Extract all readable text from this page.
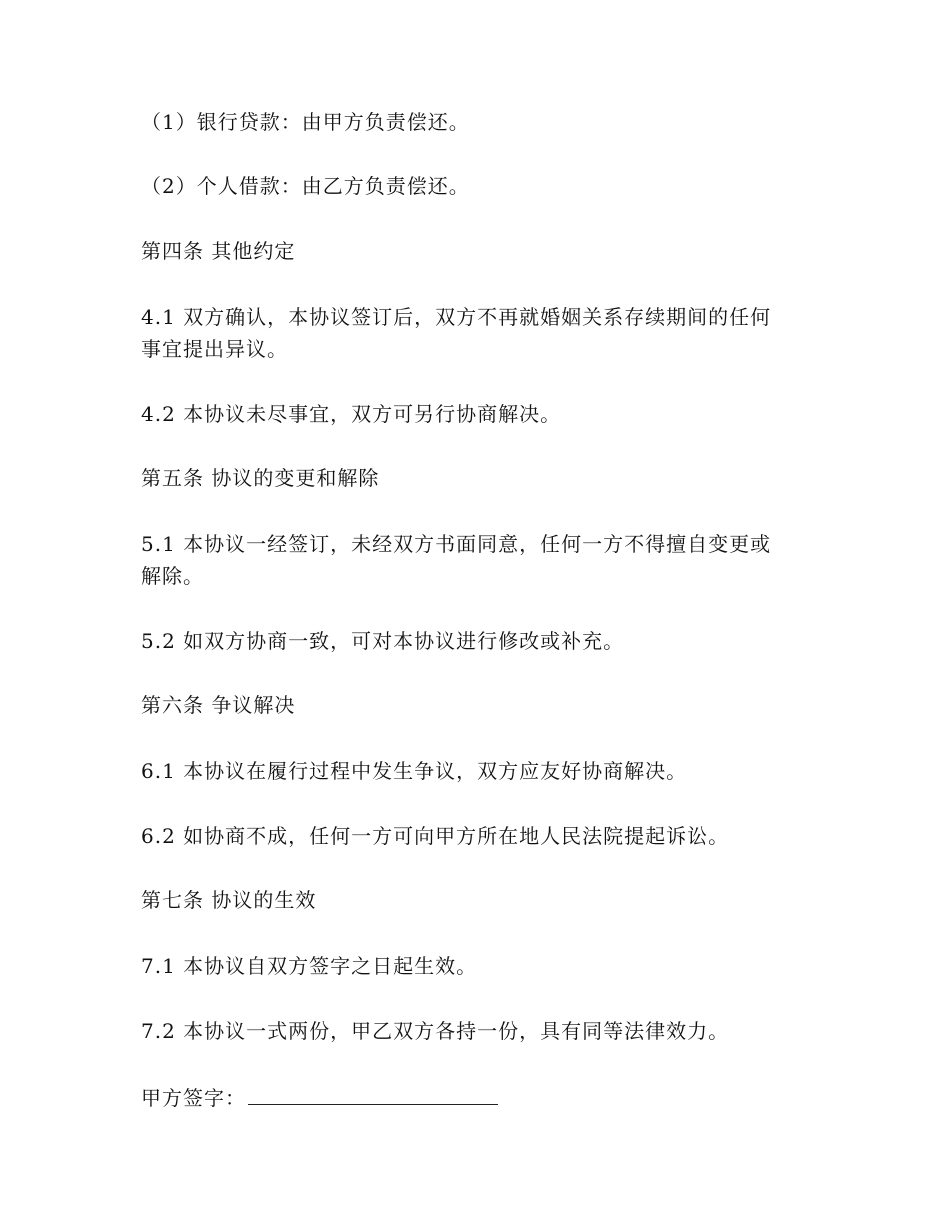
（1）银行贷款：由甲方负责偿还。
（2）个人借款：由乙方负责偿还。
第四条 其他约定
4.1 双方确认，本协议签订后，双方不再就婚姻关系存续期间的任何
事宜提出异议。
4.2 本协议未尽事宜，双方可另行协商解决。
第五条 协议的变更和解除
5.1 本协议一经签订，未经双方书面同意，任何一方不得擅自变更或
解除。
5.2 如双方协商一致，可对本协议进行修改或补充。
第六条 争议解决
6.1 本协议在履行过程中发生争议，双方应友好协商解决。
6.2 如协商不成，任何一方可向甲方所在地人民法院提起诉讼。
第七条 协议的生效
7.1 本协议自双方签字之日起生效。
7.2 本协议一式两份，甲乙双方各持一份，具有同等法律效力。
甲方签字：
